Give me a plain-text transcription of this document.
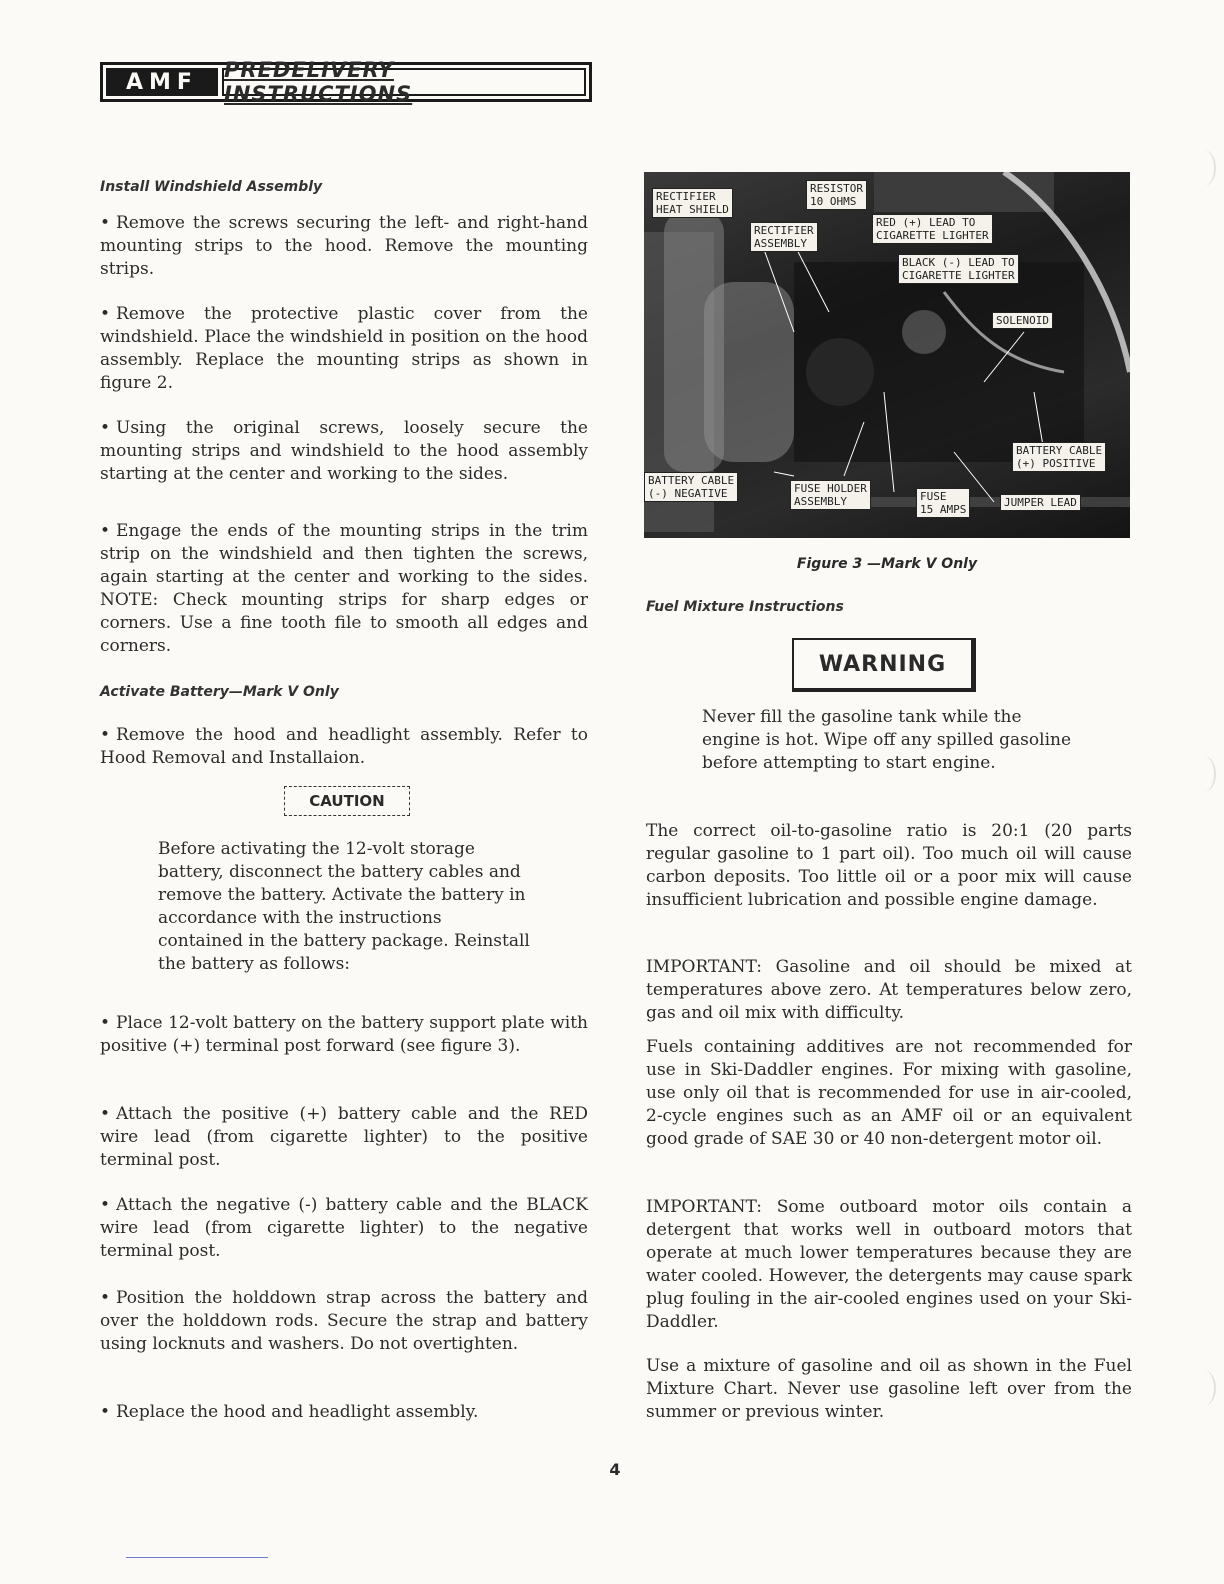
AMF	PREDELIVERY INSTRUCTIONS
Install Windshield Assembly
• Remove the screws securing the left- and right-hand mounting strips to the hood. Remove the mounting strips.
• Remove the protective plastic cover from the windshield. Place the windshield in position on the hood assembly. Replace the mounting strips as shown in figure 2.
• Using the original screws, loosely secure the mounting strips and windshield to the hood assembly starting at the center and working to the sides.
• Engage the ends of the mounting strips in the trim strip on the windshield and then tighten the screws, again starting at the center and working to the sides. NOTE: Check mounting strips for sharp edges or corners. Use a fine tooth file to smooth all edges and corners.
Activate Battery—Mark V Only
• Remove the hood and headlight assembly. Refer to Hood Removal and Installaion.
CAUTION
Before activating the 12-volt storage battery, disconnect the battery cables and remove the battery. Activate the battery in accordance with the instructions contained in the battery package. Reinstall the battery as follows:
• Place 12-volt battery on the battery support plate with positive (+) terminal post forward (see figure 3).
• Attach the positive (+) battery cable and the RED wire lead (from cigarette lighter) to the positive terminal post.
• Attach the negative (-) battery cable and the BLACK wire lead (from cigarette lighter) to the negative terminal post.
• Position the holddown strap across the battery and over the holddown rods. Secure the strap and battery using locknuts and washers. Do not overtighten.
• Replace the hood and headlight assembly.
RECTIFIER
HEAT SHIELD
RESISTOR
10 OHMS
RECTIFIER
ASSEMBLY
RED (+) LEAD TO
CIGARETTE LIGHTER
BLACK (-) LEAD TO
CIGARETTE LIGHTER
SOLENOID
BATTERY CABLE
(+) POSITIVE
BATTERY CABLE
(-) NEGATIVE	FUSE HOLDER
ASSEMBLY	FUSE
15 AMPS
JUMPER LEAD
Figure 3 —Mark V Only
Fuel Mixture Instructions
WARNING
Never fill the gasoline tank while the engine is hot. Wipe off any spilled gasoline before attempting to start engine.
The correct oil-to-gasoline ratio is 20:1 (20 parts regular gasoline to 1 part oil). Too much oil will cause carbon deposits. Too little oil or a poor mix will cause insufficient lubrication and possible engine damage.
IMPORTANT: Gasoline and oil should be mixed at temperatures above zero. At temperatures below zero, gas and oil mix with difficulty.
Fuels containing additives are not recommended for use in Ski-Daddler engines. For mixing with gasoline, use only oil that is recommended for use in air-cooled, 2-cycle engines such as an AMF oil or an equivalent good grade of SAE 30 or 40 non-detergent motor oil.
IMPORTANT: Some outboard motor oils contain a detergent that works well in outboard motors that operate at much lower temperatures because they are water cooled. However, the detergents may cause spark plug fouling in the air-cooled engines used on your Ski-Daddler.
Use a mixture of gasoline and oil as shown in the Fuel Mixture Chart. Never use gasoline left over from the summer or previous winter.
4
